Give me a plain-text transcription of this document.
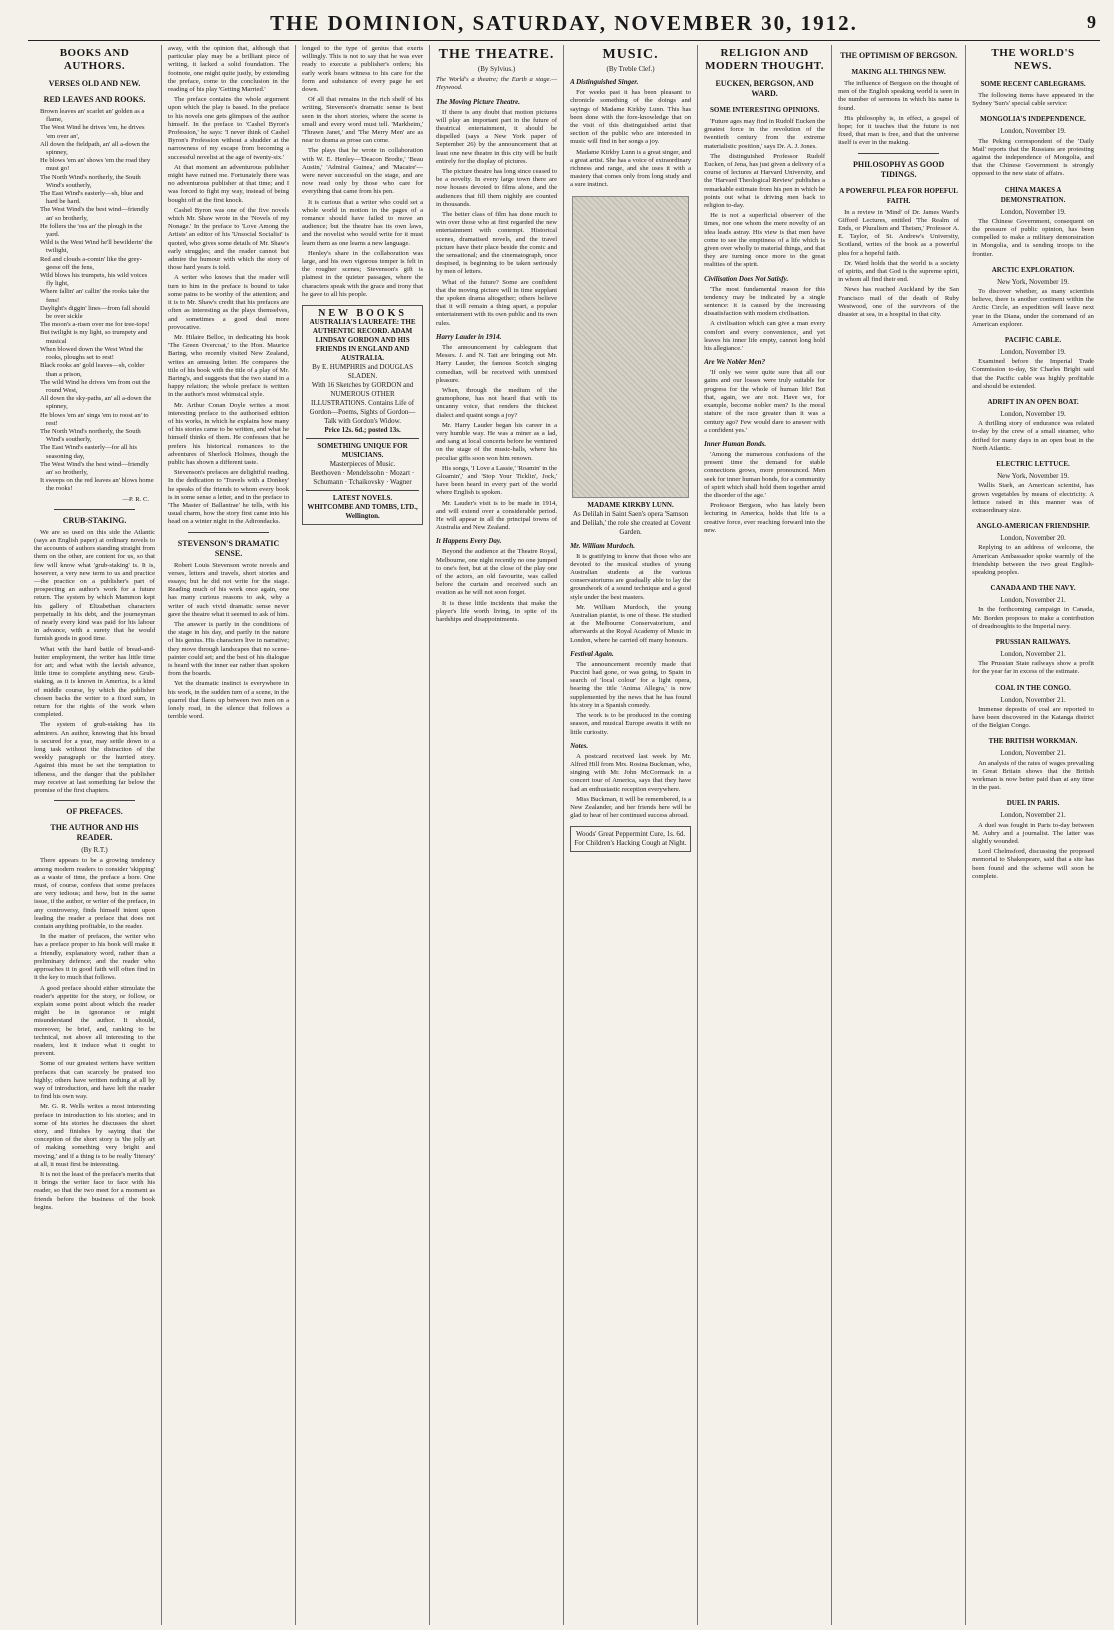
THE DOMINION, SATURDAY, NOVEMBER 30, 1912.	9
BOOKS AND AUTHORS.
VERSES OLD AND NEW.
RED LEAVES AND ROOKS.

Brown leaves an' scarlet an' golden as a flame,

The West Wind he drives 'em, he drives 'em over an',

All down the fieldpath, an' all a-down the spinney,

He blows 'em an' shows 'em the road they must go!

The North Wind's northerly, the South Wind's southerly,

The East Wind's easterly—sh, blue and hard be hard.

The West Wind's the best wind—friendly an' so brotherly,

He follers the 'oss an' the plough in the yard.

Wild is the West Wind he'll bewilderin' the twilight,

Red and clouds a-comin' like the grey-geese off the fens,

Wild blows his trumpets, his wild voices fly light,

Where fallin' an' callin' the rooks take the fens!

Daylight's diggin' lines—from fall should be over sickle

The moon's a-risen over me for tree-tops!

But twilight is my light, so trumpety and musical

When blowed down the West Wind the rooks, ploughs set to rest!

Black rooks an' gold leaves—sh, colder than a prison,

The wild Wind he drives 'em from out the round West,

All down the sky-paths, an' all a-down the spinney,

He blows 'em an' sings 'em to roost an' to rest!

The North Wind's northerly, the South Wind's southerly,

The East Wind's easterly—for all his seasoning day,

The West Wind's the best wind—friendly an' so brotherly,

It sweeps on the red leaves an' blows home the rooks!

—P. R. C.
CRUB-STAKING.

We are so used on this side the Atlantic (says an English paper) at ordinary novels to the accounts of authors standing straight from them on the other, are content for us, so that few will know what 'grub-staking' is. It is, however, a very new term to us and practice—the practice on a publisher's part of prospecting an author's work for a future return. The system by which Mammon kept his gallery of Elizabethan characters perpetually in his debt, and the journeyman of nearly every kind was paid for his labour in advance, with a surety that he would furnish goods in good time.

What with the hard battle of bread-and-butter employment, the writer has little time for art; and what with the lavish advance, little time to complete anything new. Grub-staking, as it is known in America, is a kind of middle course, by which the publisher chosen backs the writer to a fixed sum, in return for the rights of the work when completed.

The system of grub-staking has its admirers. An author, knowing that his bread is secured for a year, may settle down to a long task without the distraction of the weekly paragraph or the hurried story. Against this must be set the temptation to idleness, and the danger that the publisher may receive at last something far below the promise of the first chapters.

OF PREFACES.
THE AUTHOR AND HIS READER.
(By R.T.)

There appears to be a growing tendency among modern readers to consider 'skipping' as a waste of time, the preface a bore. One must, of course, confess that some prefaces are very tedious; and how, but in the same issue, if the author, or writer of the preface, in any controversy, finds himself intent upon leading the reader a preface that does not contain anything profitable, to the reader.

In the matter of prefaces, the writer who has a preface proper to his book will make it a friendly, explanatory word, rather than a preliminary defence; and the reader who approaches it in good faith will often find in it the key to much that follows.

A good preface should either stimulate the reader's appetite for the story, or follow, or explain some point about which the reader might be in ignorance or might misunderstand the author. It should, moreover, be brief, and, ranking to be technical, not above all interesting to the readers, lest it induce what it ought to prevent.

Some of our greatest writers have written prefaces that can scarcely be praised too highly; others have written nothing at all by way of introduction, and have left the reader to find his own way.

Mr. G. R. Wells writes a most interesting preface in introduction to his stories; and in some of his stories he discusses the short story, and finishes by saying that the conception of the short story is 'the jolly art of making something very bright and moving,' and if a thing is to be really 'literary' at all, it must first be interesting.

It is not the least of the preface's merits that it brings the writer face to face with his reader, so that the two meet for a moment as friends before the business of the book begins.

away, with the opinion that, although that particular play may be a brilliant piece of writing, it lacked a solid foundation. The footnote, one might quite justly, by extending the preface, come to the conclusion in the reading of his play 'Getting Married.'

The preface contains the whole argument upon which the play is based. In the preface to his novels one gets glimpses of the author himself. In the preface to 'Cashel Byron's Profession,' he says: 'I never think of Cashel Byron's Profession without a shudder at the narrowness of my escape from becoming a successful novelist at the age of twenty-six.'

At that moment an adventurous publisher might have ruined me. Fortunately there was no adventurous publisher at that time; and I was forced to fight my way, instead of being bought off at the first knock.

Cashel Byron was one of the five novels which Mr. Shaw wrote in the 'Novels of my Nonage.' In the preface to 'Love Among the Artists' an editor of his 'Unsocial Socialist' is quoted, who gives some details of Mr. Shaw's early struggles; and the reader cannot but admire the humour with which the story of those hard years is told.

A writer who knows that the reader will turn to him in the preface is bound to take some pains to be worthy of the attention; and it is to Mr. Shaw's credit that his prefaces are often as interesting as the plays themselves, and sometimes a good deal more provocative.

Mr. Hilaire Belloc, in dedicating his book 'The Green Overcoat,' to the Hon. Maurice Baring, who recently visited New Zealand, writes an amusing letter. He compares the title of his book with the title of a play of Mr. Baring's, and suggests that the two stand in a happy relation; the whole preface is written in the author's most whimsical style.

Mr. Arthur Conan Doyle writes a most interesting preface to the authorised edition of his works, in which he explains how many of his stories came to be written, and what he himself thinks of them. He confesses that he prefers his historical romances to the adventures of Sherlock Holmes, though the public has shown a different taste.

Stevenson's prefaces are delightful reading. In the dedication to 'Travels with a Donkey' he speaks of the friends to whom every book is in some sense a letter, and in the preface to 'The Master of Ballantrae' he tells, with his usual charm, how the story first came into his head on a winter night in the Adirondacks.

STEVENSON'S DRAMATIC SENSE.

Robert Louis Stevenson wrote novels and verses, letters and travels, short stories and essays; but he did not write for the stage. Reading much of his work once again, one has many curious reasons to ask, why a writer of such vivid dramatic sense never gave the theatre what it seemed to ask of him.

The answer is partly in the conditions of the stage in his day, and partly in the nature of his genius. His characters live in narrative; they move through landscapes that no scene-painter could set; and the best of his dialogue is heard with the inner ear rather than spoken from the boards.

Yet the dramatic instinct is everywhere in his work, in the sudden turn of a scene, in the quarrel that flares up between two men on a lonely road, in the silence that follows a terrible word.

longed to the type of genius that exerts willingly. This is not to say that he was ever ready to execute a publisher's orders; his early work bears witness to his care for the form and substance of every page he set down.

Of all that remains in the rich shelf of his writing, Stevenson's dramatic sense is best seen in the short stories, where the scene is small and every word must tell. 'Markheim,' 'Thrawn Janet,' and 'The Merry Men' are as near to drama as prose can come.

The plays that he wrote in collaboration with W. E. Henley—'Deacon Brodie,' 'Beau Austin,' 'Admiral Guinea,' and 'Macaire'—were never successful on the stage, and are now read only by those who care for everything that came from his pen.

It is curious that a writer who could set a whole world in motion in the pages of a romance should have failed to move an audience; but the theatre has its own laws, and the novelist who would write for it must learn them as one learns a new language.

Henley's share in the collaboration was large, and his own vigorous temper is felt in the rougher scenes; Stevenson's gift is plainest in the quieter passages, where the characters speak with the grace and irony that he gave to all his people.

NEW BOOKS
AUSTRALIA'S LAUREATE: THE AUTHENTIC RECORD. ADAM LINDSAY GORDON AND HIS FRIENDS IN ENGLAND AND AUSTRALIA.
By E. HUMPHRIS and DOUGLAS SLADEN.
With 16 Sketches by GORDON and NUMEROUS OTHER ILLUSTRATIONS. Contains Life of Gordon—Poems, Sights of Gordon—Talk with Gordon's Widow.
Price 12s. 6d.; posted 13s.
SOMETHING UNIQUE FOR MUSICIANS.
Masterpieces of Music.
Beethoven · Mendelssohn · Mozart · Schumann · Tchaikovsky · Wagner
LATEST NOVELS.
WHITCOMBE AND TOMBS, LTD., Wellington.
THE THEATRE.
(By Sylvius.)

The World's a theatre; the Earth a stage.—Heywood.

The Moving Picture Theatre.

If there is any doubt that motion pictures will play an important part in the future of theatrical entertainment, it should be dispelled (says a New York paper of September 26) by the announcement that at least one new theatre in this city will be built entirely for the display of pictures.

The picture theatre has long since ceased to be a novelty. In every large town there are now houses devoted to films alone, and the audiences that fill them nightly are counted in thousands.

The better class of film has done much to win over those who at first regarded the new entertainment with contempt. Historical scenes, dramatised novels, and the travel picture have their place beside the comic and the sensational; and the cinematograph, once despised, is beginning to be taken seriously by men of letters.

What of the future? Some are confident that the moving picture will in time supplant the spoken drama altogether; others believe that it will remain a thing apart, a popular entertainment with its own public and its own rules.

Harry Lauder in 1914.

The announcement by cablegram that Messrs. J. and N. Tait are bringing out Mr. Harry Lauder, the famous Scotch singing comedian, will be received with unmixed pleasure.

When, through the medium of the gramophone, has not heard that with its uncanny voice, that renders the thickest dialect and quaint songs a joy?

Mr. Harry Lauder began his career in a very humble way. He was a miner as a lad, and sang at local concerts before he ventured on the stage of the music-halls, where his peculiar gifts soon won him renown.

His songs, 'I Love a Lassie,' 'Roamin' in the Gloamin',' and 'Stop Your Ticklin', Jock,' have been heard in every part of the world where English is spoken.

Mr. Lauder's visit is to be made in 1914, and will extend over a considerable period. He will appear in all the principal towns of Australia and New Zealand.

It Happens Every Day.

Beyond the audience at the Theatre Royal, Melbourne, one night recently no one jumped to one's feet, but at the close of the play one of the actors, an old favourite, was called before the curtain and received such an ovation as he will not soon forget.

It is these little incidents that make the player's life worth living, in spite of its hardships and disappointments.

MUSIC.
(By Treble Clef.)
A Distinguished Singer.

For weeks past it has been pleasant to chronicle something of the doings and sayings of Madame Kirkby Lunn. This has been done with the fore-knowledge that on the visit of this distinguished artist that section of the public who are interested in music will find in her songs a joy.

Madame Kirkby Lunn is a great singer, and a great artist. She has a voice of extraordinary richness and range, and she uses it with a mastery that comes only from long study and a sure instinct.

MADAME KIRKBY LUNN.
As Delilah in Saint Saen's opera 'Samson and Delilah,' the role she created at Covent Garden.
Mr. William Murdoch.

It is gratifying to know that those who are devoted to the musical studies of young Australian students at the various conservatoriums are gradually able to lay the groundwork of a sound technique and a good style under the best masters.

Mr. William Murdoch, the young Australian pianist, is one of these. He studied at the Melbourne Conservatorium, and afterwards at the Royal Academy of Music in London, where he carried off many honours.

Festival Again.

The announcement recently made that Puccini had gone, or was going, to Spain in search of 'local colour' for a light opera, bearing the title 'Anima Allegra,' is now supplemented by the news that he has found his story in a Spanish comedy.

The work is to be produced in the coming season, and musical Europe awaits it with no little curiosity.

Notes.

A postcard received last week by Mr. Alfred Hill from Mrs. Rosina Buckman, who, singing with Mr. John McCormack in a concert tour of America, says that they have had an enthusiastic reception everywhere.

Miss Buckman, it will be remembered, is a New Zealander, and her friends here will be glad to hear of her continued success abroad.

Woods' Great Peppermint Cure, 1s. 6d. For Children's Hacking Cough at Night.
RELIGION AND MODERN THOUGHT.
EUCKEN, BERGSON, AND WARD.
SOME INTERESTING OPINIONS.

'Future ages may find in Rudolf Eucken the greatest force in the revolution of the twentieth century from the extreme materialistic position,' says Dr. A. J. Jones.

The distinguished Professor Rudolf Eucken, of Jena, has just given a delivery of a course of lectures at Harvard University, and the 'Harvard Theological Review' publishes a remarkable estimate from his pen in which he points out what is driving men back to religion to-day.

He is not a superficial observer of the times, nor one whom the mere novelty of an idea leads astray. His view is that men have come to see the emptiness of a life which is given over wholly to material things, and that they are turning once more to the great realities of the spirit.

Civilisation Does Not Satisfy.

'The most fundamental reason for this tendency may be indicated by a single sentence: it is caused by the increasing dissatisfaction with modern civilisation.

A civilisation which can give a man every comfort and every convenience, and yet leaves his inner life empty, cannot long hold his allegiance.'

Are We Nobler Men?

'If only we were quite sure that all our gains and our losses were truly suitable for progress for the whole of human life! But that, again, we are not. Have we, for example, become nobler men? Is the moral stature of the race greater than it was a century ago? Few would dare to answer with a confident yes.'

Inner Human Bonds.

'Among the numerous confusions of the present time the demand for stable connections grows, more pronounced. Men seek for inner human bonds, for a community of spirit which shall hold them together amid the disorder of the age.'

Professor Bergson, who has lately been lecturing in America, holds that life is a creative force, ever reaching forward into the new.

THE OPTIMISM OF BERGSON.
MAKING ALL THINGS NEW.

The influence of Bergson on the thought of men of the English speaking world is seen in the number of sermons in which his name is found.

His philosophy is, in effect, a gospel of hope; for it teaches that the future is not fixed, that man is free, and that the universe itself is ever in the making.

PHILOSOPHY AS GOOD TIDINGS.
A POWERFUL PLEA FOR HOPEFUL FAITH.

In a review in 'Mind' of Dr. James Ward's Gifford Lectures, entitled 'The Realm of Ends, or Pluralism and Theism,' Professor A. E. Taylor, of St. Andrew's University, Scotland, writes of the book as a powerful plea for a hopeful faith.

Dr. Ward holds that the world is a society of spirits, and that God is the supreme spirit, in whom all find their end.

News has reached Auckland by the San Francisco mail of the death of Ruby Westwood, one of the survivors of the disaster at sea, in a hospital in that city.

THE WORLD'S NEWS.
SOME RECENT CABLEGRAMS.

The following items have appeared in the Sydney 'Sun's' special cable service:

MONGOLIA'S INDEPENDENCE.
London, November 19.

The Peking correspondent of the 'Daily Mail' reports that the Russians are protesting against the independence of Mongolia, and that the Chinese Government is strongly opposed to the new state of affairs.

CHINA MAKES A DEMONSTRATION.
London, November 19.

The Chinese Government, consequent on the pressure of public opinion, has been compelled to make a military demonstration in Mongolia, and is sending troops to the frontier.

ARCTIC EXPLORATION.
New York, November 19.

To discover whether, as many scientists believe, there is another continent within the Arctic Circle, an expedition will leave next year in the Diana, under the command of an American explorer.

PACIFIC CABLE.
London, November 19.

Examined before the Imperial Trade Commission to-day, Sir Charles Bright said that the Pacific cable was highly profitable and should be extended.

ADRIFT IN AN OPEN BOAT.
London, November 19.

A thrilling story of endurance was related to-day by the crew of a small steamer, who drifted for many days in an open boat in the North Atlantic.

ELECTRIC LETTUCE.
New York, November 19.

Wallis Stark, an American scientist, has grown vegetables by means of electricity. A lettuce raised in this manner was of extraordinary size.

ANGLO-AMERICAN FRIENDSHIP.
London, November 20.

Replying to an address of welcome, the American Ambassador spoke warmly of the friendship between the two great English-speaking peoples.

CANADA AND THE NAVY.
London, November 21.

In the forthcoming campaign in Canada, Mr. Borden proposes to make a contribution of dreadnoughts to the Imperial navy.

PRUSSIAN RAILWAYS.
London, November 21.

The Prussian State railways show a profit for the year far in excess of the estimate.

COAL IN THE CONGO.
London, November 21.

Immense deposits of coal are reported to have been discovered in the Katanga district of the Belgian Congo.

THE BRITISH WORKMAN.
London, November 21.

An analysis of the rates of wages prevailing in Great Britain shows that the British workman is now better paid than at any time in the past.

DUEL IN PARIS.
London, November 21.

A duel was fought in Paris to-day between M. Aubry and a journalist. The latter was slightly wounded.

Lord Chelmsford, discussing the proposed memorial to Shakespeare, said that a site has been found and the scheme will soon be complete.
